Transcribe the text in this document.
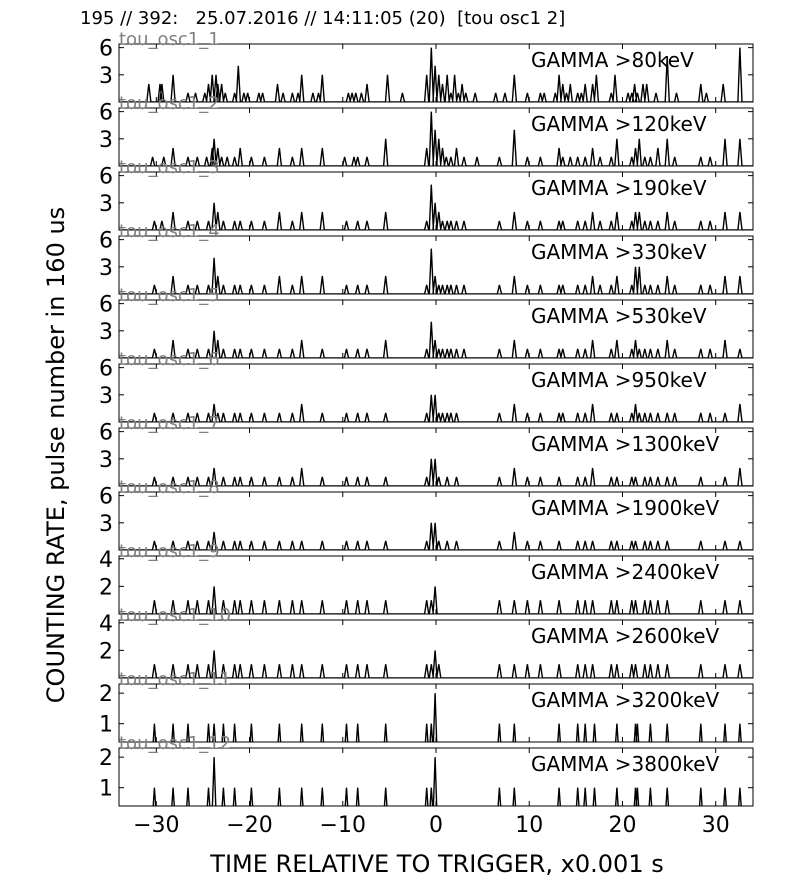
3
6	GAMMA >80keV
tou_osc1_1
3
6	GAMMA >120keV
tou_osc1_2
3
6	GAMMA >190keV
tou_osc1_3
3
6	GAMMA >330keV
tou_osc1_4
3
6	GAMMA >530keV
tou_osc1_5
3
6	GAMMA >950keV
tou_osc1_6
3
6	GAMMA >1300keV
tou_osc1_7
3
6	GAMMA >1900keV
tou_osc1_8
2
4	GAMMA >2400keV
tou_osc1_9
2
4	GAMMA >2600keV
tou_osc1_10
1
2	GAMMA >3200keV
tou_osc1_11
1
2	GAMMA >3800keV
tou_osc1_12
−30 −20 −10	0	10	20	30
195 // 392:   25.07.2016 // 14:11:05 (20)  [tou osc1 2]
COUNTING RATE, pulse number in 160 us
TIME RELATIVE TO TRIGGER, x0.001 s
